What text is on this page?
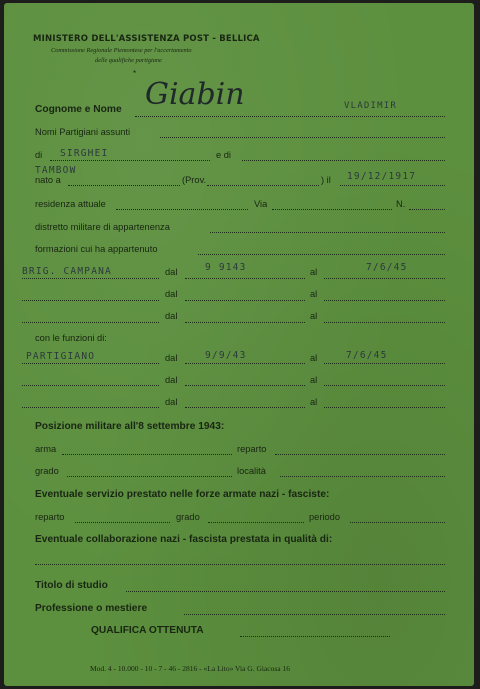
MINISTERO DELL'ASSISTENZA POST - BELLICA
Commissione Regionale Piemontese per l'accertamento
delle qualifiche partigiane
*
Cognome e Nome Giabin	VLADIMIR
Nomi Partigiani assunti
di SIRGHEI	e di
nato a
TAMBOW
(Prov.	) il 19/12/1917
residenza attuale	Via	N.
distretto militare di appartenenza
formazioni cui ha appartenuto
BRIG. CAMPANA	dal	9 9143	al	7/6/45
dal	al
dal	al
con le funzioni di:
PARTIGIANO	dal	9/9/43	al	7/6/45
dal	al
dal	al
Posizione militare all'8 settembre 1943:
arma	reparto
grado	località
Eventuale servizio prestato nelle forze armate nazi - fasciste:
reparto	grado	periodo
Eventuale collaborazione nazi - fascista prestata in qualità di:
Titolo di studio
Professione o mestiere
QUALIFICA OTTENUTA
Mod. 4 - 10.000 - 10 - 7 - 46 - 2816 - «La Lito» Via G. Giacosa 16
